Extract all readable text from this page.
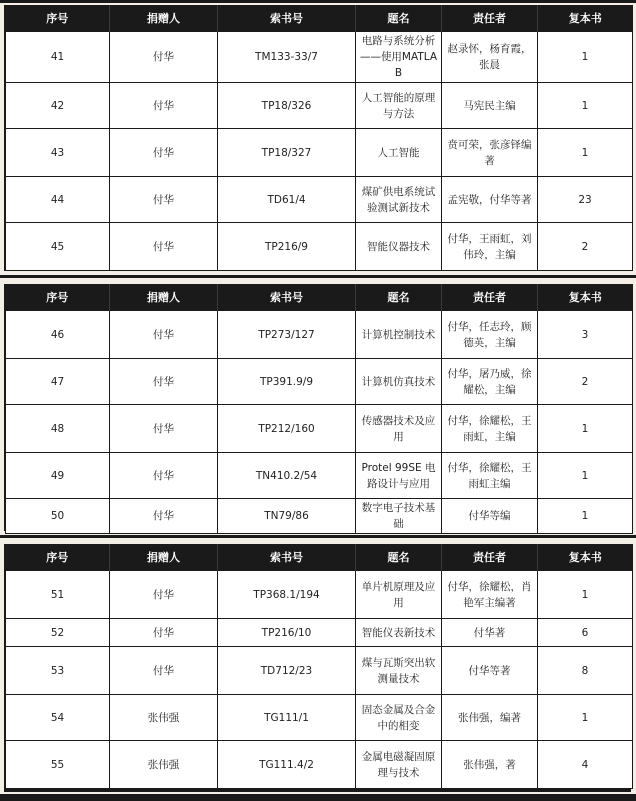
序号	捐赠人	索书号	题名	责任者	复本书
41	付华	TM133-33/7	电路与系统分析——使用MATLAB	赵录怀，杨育霞，张晨	1
42	付华	TP18/326	人工智能的原理与方法	马宪民主编	1
43	付华	TP18/327	人工智能	贲可荣，张彦铎编著	1
44	付华	TD61/4	煤矿供电系统试验测试新技术	孟宪敬，付华等著	23
45	付华	TP216/9	智能仪器技术	付华，王雨虹，刘伟玲，主编	2
序号	捐赠人	索书号	题名	责任者	复本书
46	付华	TP273/127	计算机控制技术	付华，任志玲，顾德英，主编	3
47	付华	TP391.9/9	计算机仿真技术	付华，屠乃威，徐耀松，主编	2
48	付华	TP212/160	传感器技术及应用	付华，徐耀松，王雨虹，主编	1
49	付华	TN410.2/54	Protel 99SE 电路设计与应用	付华，徐耀松，王雨虹主编	1
50	付华	TN79/86	数字电子技术基础	付华等编	1
序号	捐赠人	索书号	题名	责任者	复本书
51	付华	TP368.1/194	单片机原理及应用	付华，徐耀松，肖艳军主编著	1
52	付华	TP216/10	智能仪表新技术	付华著	6
53	付华	TD712/23	煤与瓦斯突出软测量技术	付华等著	8
54	张伟强	TG111/1	固态金属及合金中的相变	张伟强，编著	1
55	张伟强	TG111.4/2	金属电磁凝固原理与技术	张伟强，著	4
